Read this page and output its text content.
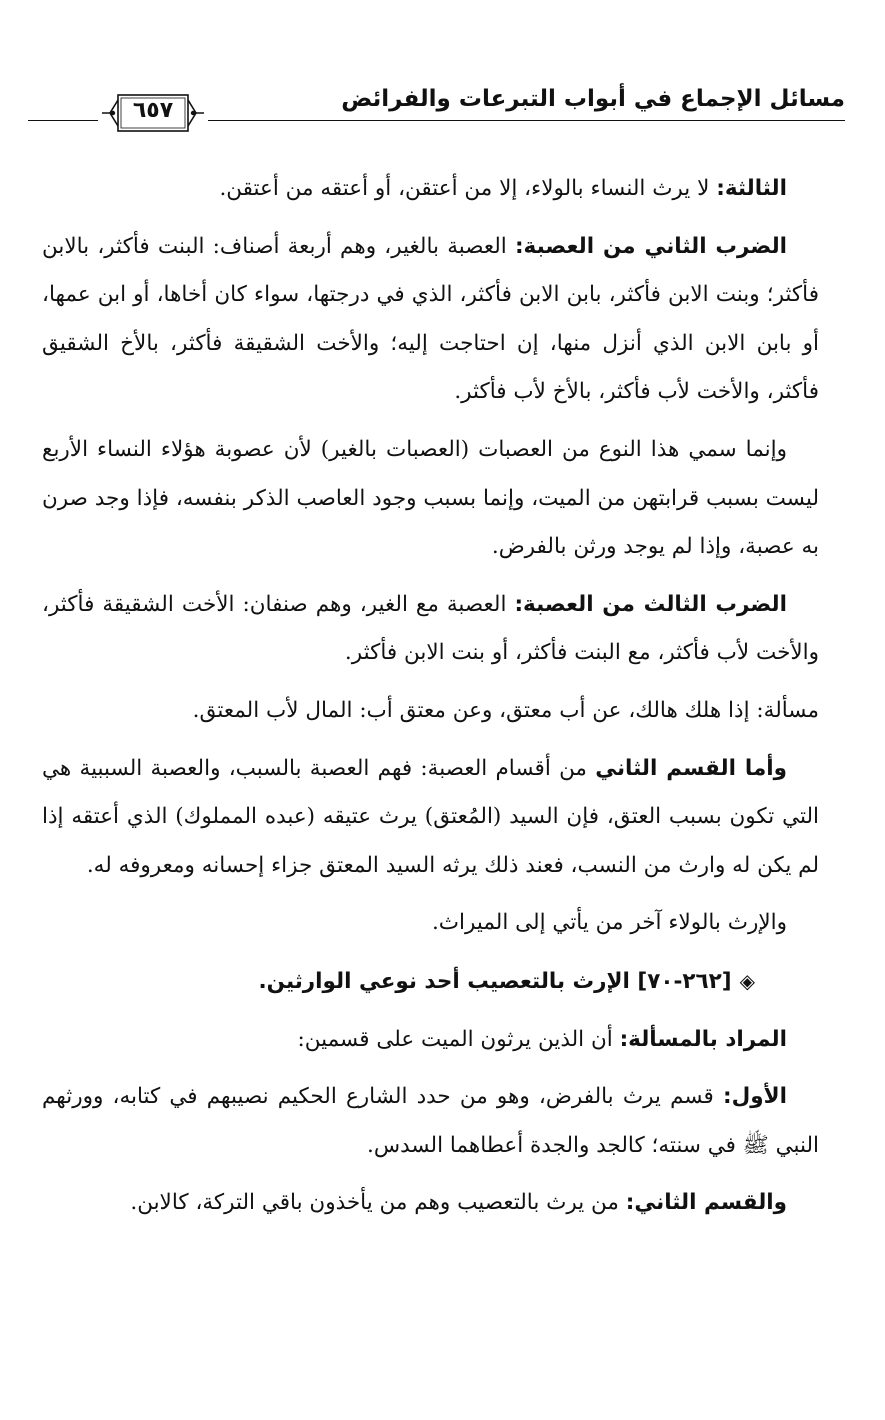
مسائل الإجماع في أبواب التبرعات والفرائض
٦٥٧

الثالثة: لا يرث النساء بالولاء، إلا من أعتقن، أو أعتقه من أعتقن.

الضرب الثاني من العصبة: العصبة بالغير، وهم أربعة أصناف: البنت فأكثر، بالابن فأكثر؛ وبنت الابن فأكثر، بابن الابن فأكثر، الذي في درجتها، سواء كان أخاها، أو ابن عمها، أو بابن الابن الذي أنزل منها، إن احتاجت إليه؛ والأخت الشقيقة فأكثر، بالأخ الشقيق فأكثر، والأخت لأب فأكثر، بالأخ لأب فأكثر.

وإنما سمي هذا النوع من العصبات (العصبات بالغير) لأن عصوبة هؤلاء النساء الأربع ليست بسبب قرابتهن من الميت، وإنما بسبب وجود العاصب الذكر بنفسه، فإذا وجد صرن به عصبة، وإذا لم يوجد ورثن بالفرض.

الضرب الثالث من العصبة: العصبة مع الغير، وهم صنفان: الأخت الشقيقة فأكثر، والأخت لأب فأكثر، مع البنت فأكثر، أو بنت الابن فأكثر.

مسألة: إذا هلك هالك، عن أب معتق، وعن معتق أب: المال لأب المعتق.

وأما القسم الثاني من أقسام العصبة: فهم العصبة بالسبب، والعصبة السببية هي التي تكون بسبب العتق، فإن السيد (المُعتق) يرث عتيقه (عبده المملوك) الذي أعتقه إذا لم يكن له وارث من النسب، فعند ذلك يرثه السيد المعتق جزاء إحسانه ومعروفه له.

والإرث بالولاء آخر من يأتي إلى الميراث.

◈[٢٦٢-٧٠] الإرث بالتعصيب أحد نوعي الوارثين.

المراد بالمسألة: أن الذين يرثون الميت على قسمين:

الأول: قسم يرث بالفرض، وهو من حدد الشارع الحكيم نصيبهم في كتابه، وورثهم النبي ﷺ في سنته؛ كالجد والجدة أعطاهما السدس.

والقسم الثاني: من يرث بالتعصيب وهم من يأخذون باقي التركة، كالابن.
